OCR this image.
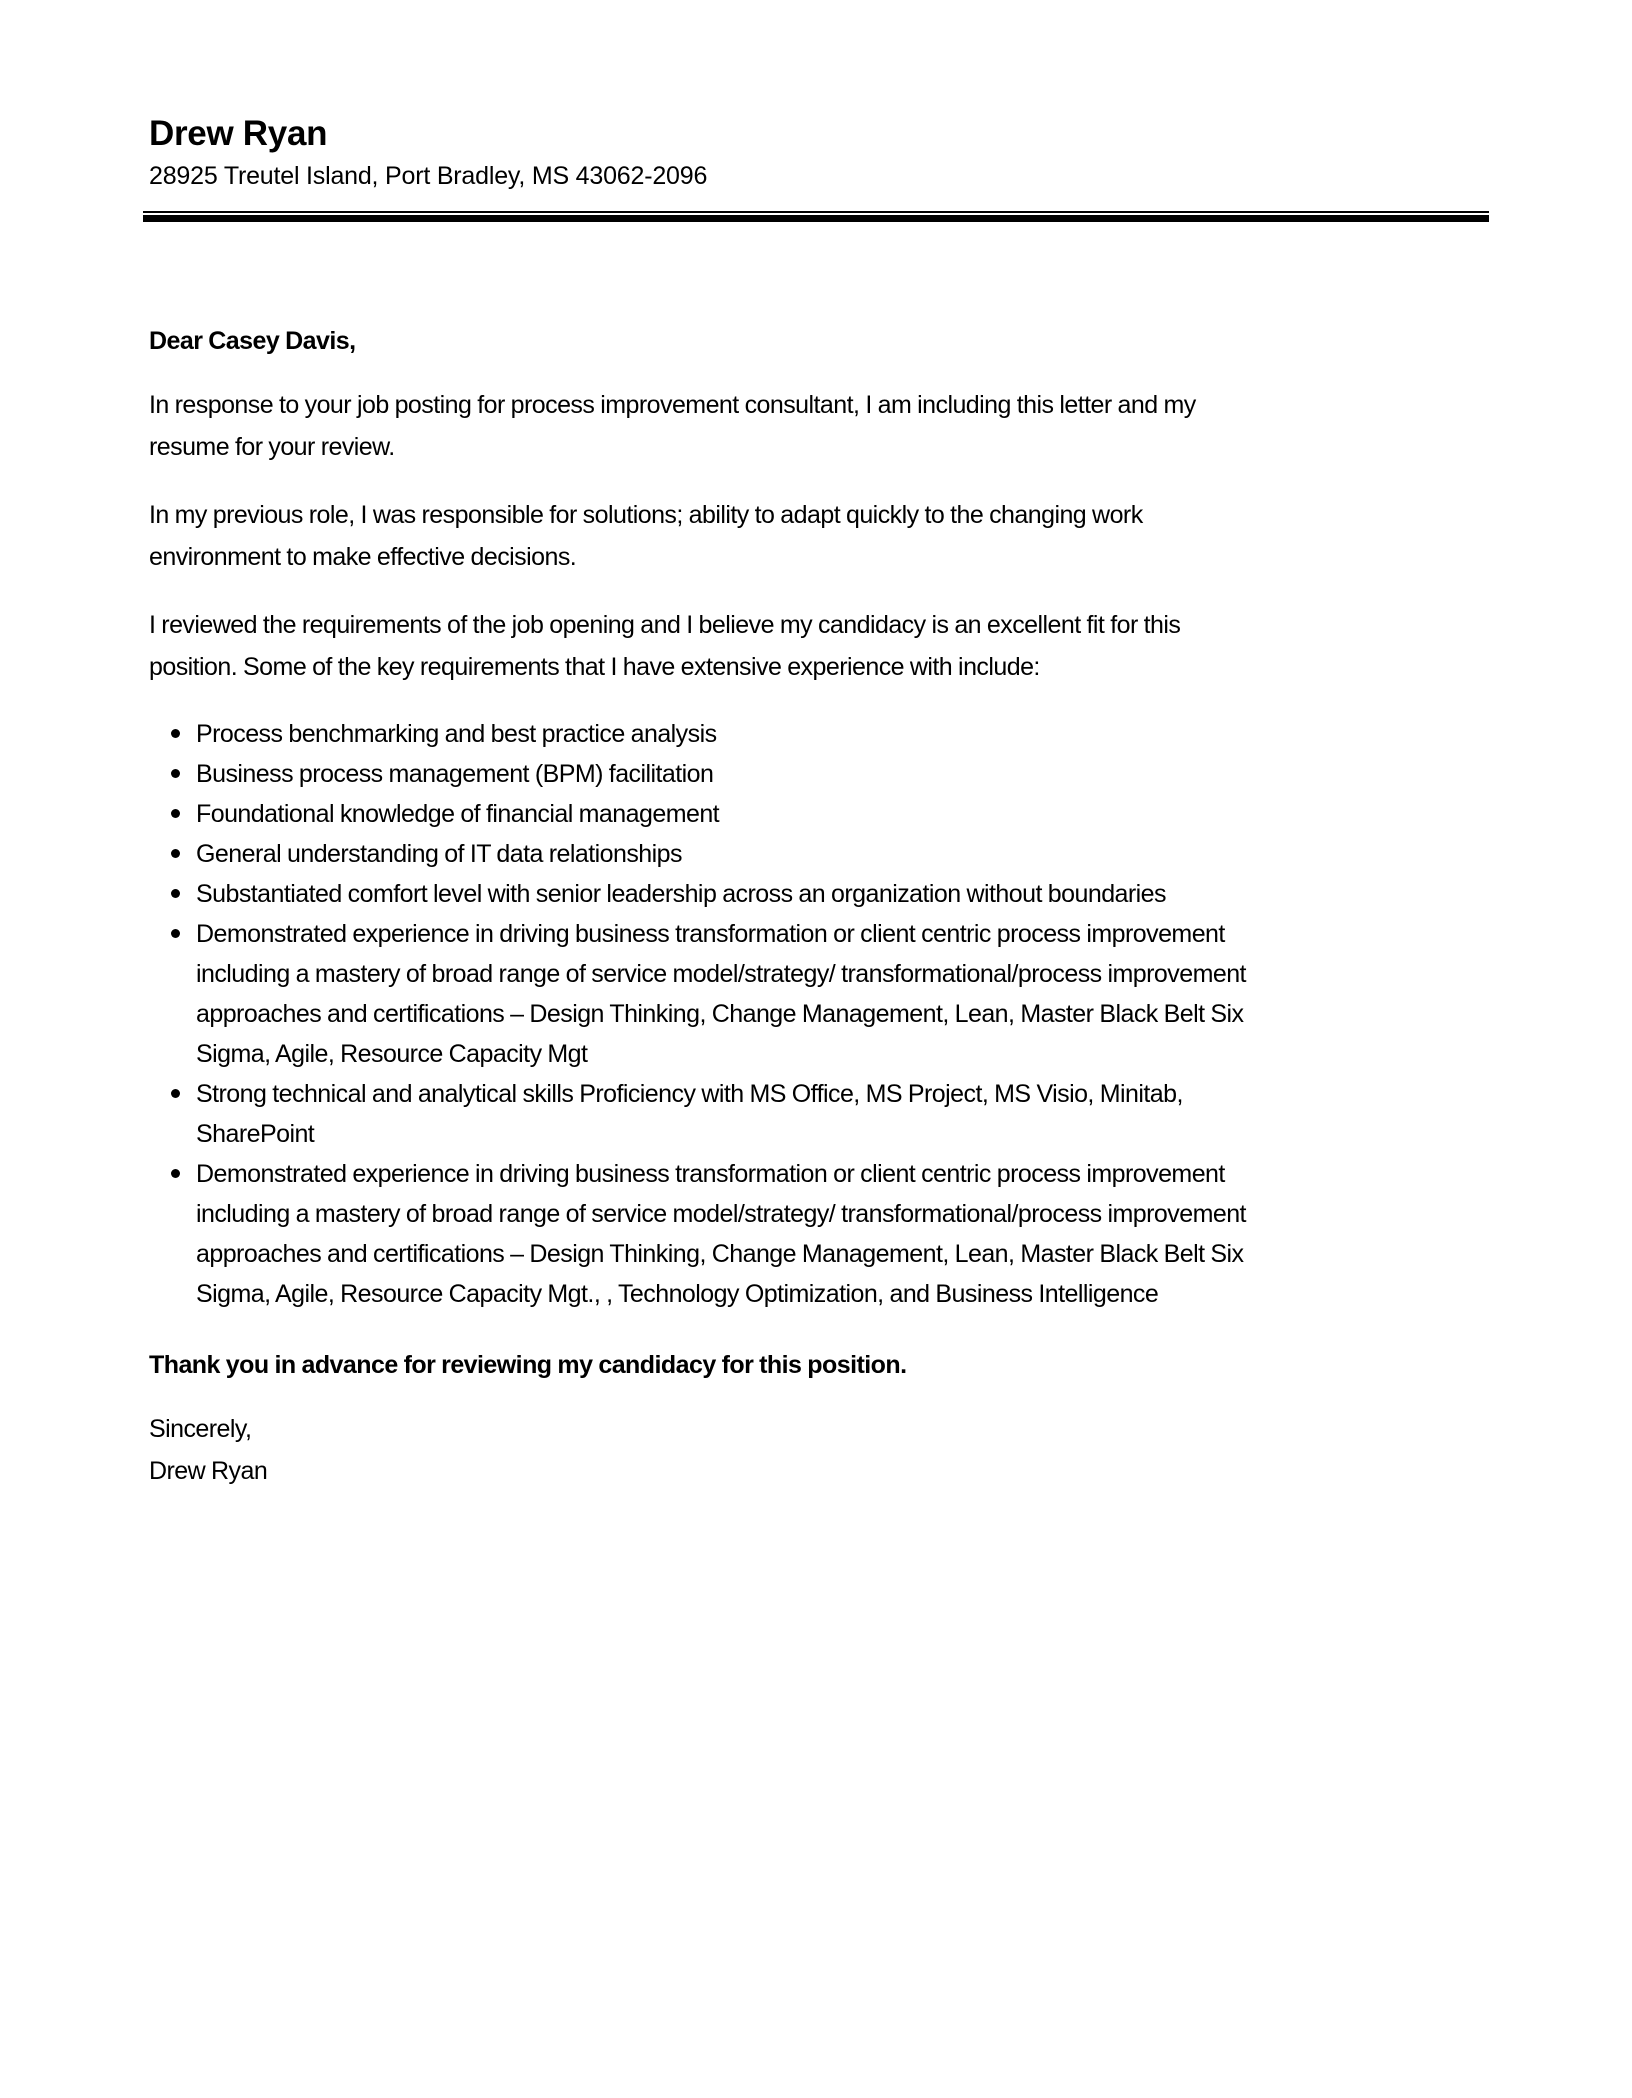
Drew Ryan

28925 Treutel Island, Port Bradley, MS 43062-2096

Dear Casey Davis,

In response to your job posting for process improvement consultant, I am including this letter and my
resume for your review.

In my previous role, I was responsible for solutions; ability to adapt quickly to the changing work
environment to make effective decisions.

I reviewed the requirements of the job opening and I believe my candidacy is an excellent fit for this
position. Some of the key requirements that I have extensive experience with include:

Process benchmarking and best practice analysis
Business process management (BPM) facilitation
Foundational knowledge of financial management
General understanding of IT data relationships
Substantiated comfort level with senior leadership across an organization without boundaries
Demonstrated experience in driving business transformation or client centric process improvement
including a mastery of broad range of service model/strategy/ transformational/process improvement
approaches and certifications – Design Thinking, Change Management, Lean, Master Black Belt Six
Sigma, Agile, Resource Capacity Mgt
Strong technical and analytical skills Proficiency with MS Office, MS Project, MS Visio, Minitab,
SharePoint
Demonstrated experience in driving business transformation or client centric process improvement
including a mastery of broad range of service model/strategy/ transformational/process improvement
approaches and certifications – Design Thinking, Change Management, Lean, Master Black Belt Six
Sigma, Agile, Resource Capacity Mgt., , Technology Optimization, and Business Intelligence

Thank you in advance for reviewing my candidacy for this position.

Sincerely,
Drew Ryan
